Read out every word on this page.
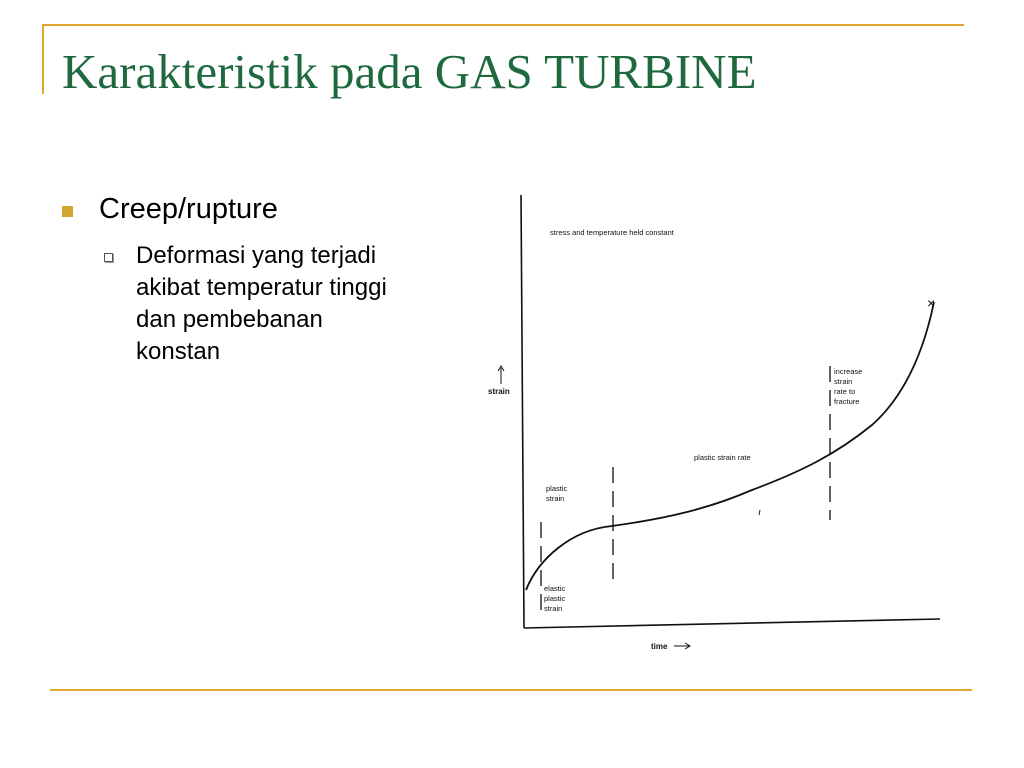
Karakteristik pada GAS TURBINE
Creep/rupture
Deformasi yang terjadi
akibat temperatur tinggi
dan pembebanan
konstan
stress and temperature held constant
strain
time
×
elastic plastic strain
plastic strain
plastic strain rate
increase strain rate to fracture
